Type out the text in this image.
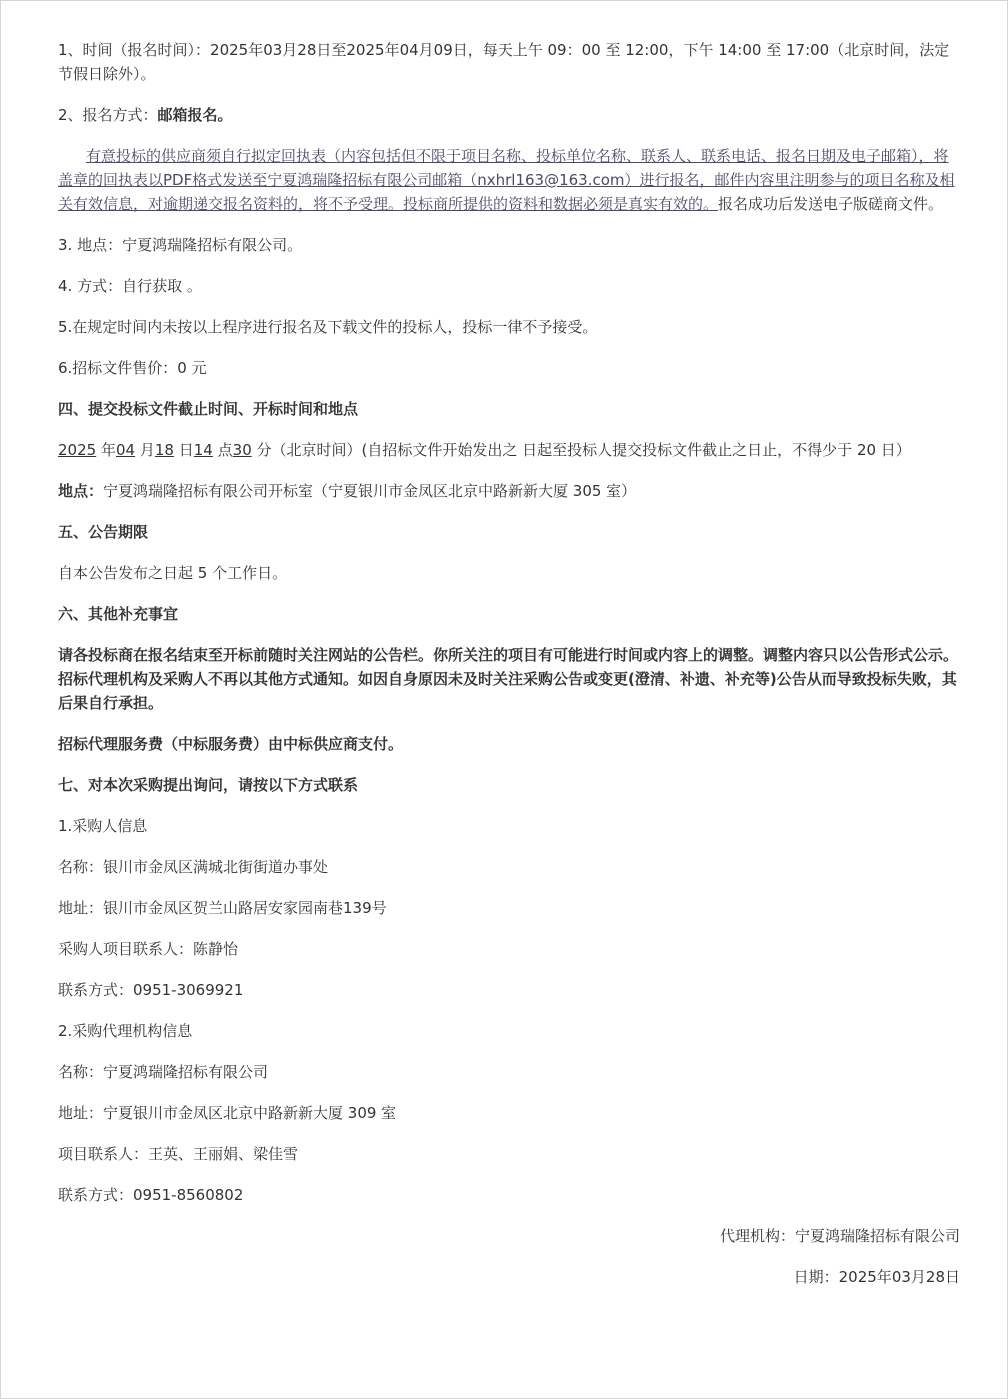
1、时间（报名时间）：2025年03月28日至2025年04月09日，每天上午 09：00 至 12:00，下午 14:00 至 17:00（北京时间，法定节假日除外）。

2、报名方式：邮箱报名。

有意投标的供应商须自行拟定回执表（内容包括但不限于项目名称、投标单位名称、联系人、联系电话、报名日期及电子邮箱），将盖章的回执表以PDF格式发送至宁夏鸿瑞隆招标有限公司邮箱（nxhrl163@163.com）进行报名，邮件内容里注明参与的项目名称及相关有效信息，对逾期递交报名资料的，将不予受理。投标商所提供的资料和数据必须是真实有效的。报名成功后发送电子版磋商文件。

3. 地点：宁夏鸿瑞隆招标有限公司。

4. 方式：自行获取 。

5.在规定时间内未按以上程序进行报名及下载文件的投标人，投标一律不予接受。

6.招标文件售价：0 元

四、提交投标文件截止时间、开标时间和地点

2025 年04 月18 日14 点30 分（北京时间）(自招标文件开始发出之 日起至投标人提交投标文件截止之日止，不得少于 20 日）

地点：宁夏鸿瑞隆招标有限公司开标室（宁夏银川市金凤区北京中路新新大厦 305 室）

五、公告期限

自本公告发布之日起 5 个工作日。

六、其他补充事宜

请各投标商在报名结束至开标前随时关注网站的公告栏。你所关注的项目有可能进行时间或内容上的调整。调整内容只以公告形式公示。招标代理机构及采购人不再以其他方式通知。如因自身原因未及时关注采购公告或变更(澄清、补遗、补充等)公告从而导致投标失败，其后果自行承担。

招标代理服务费（中标服务费）由中标供应商支付。

七、对本次采购提出询问，请按以下方式联系

1.采购人信息

名称：银川市金凤区满城北街街道办事处

地址：银川市金凤区贺兰山路居安家园南巷139号

采购人项目联系人：陈静怡

联系方式：0951-3069921

2.采购代理机构信息

名称：宁夏鸿瑞隆招标有限公司

地址：宁夏银川市金凤区北京中路新新大厦 309 室

项目联系人：王英、王丽娟、梁佳雪

联系方式：0951-8560802

代理机构：宁夏鸿瑞隆招标有限公司

日期：2025年03月28日
